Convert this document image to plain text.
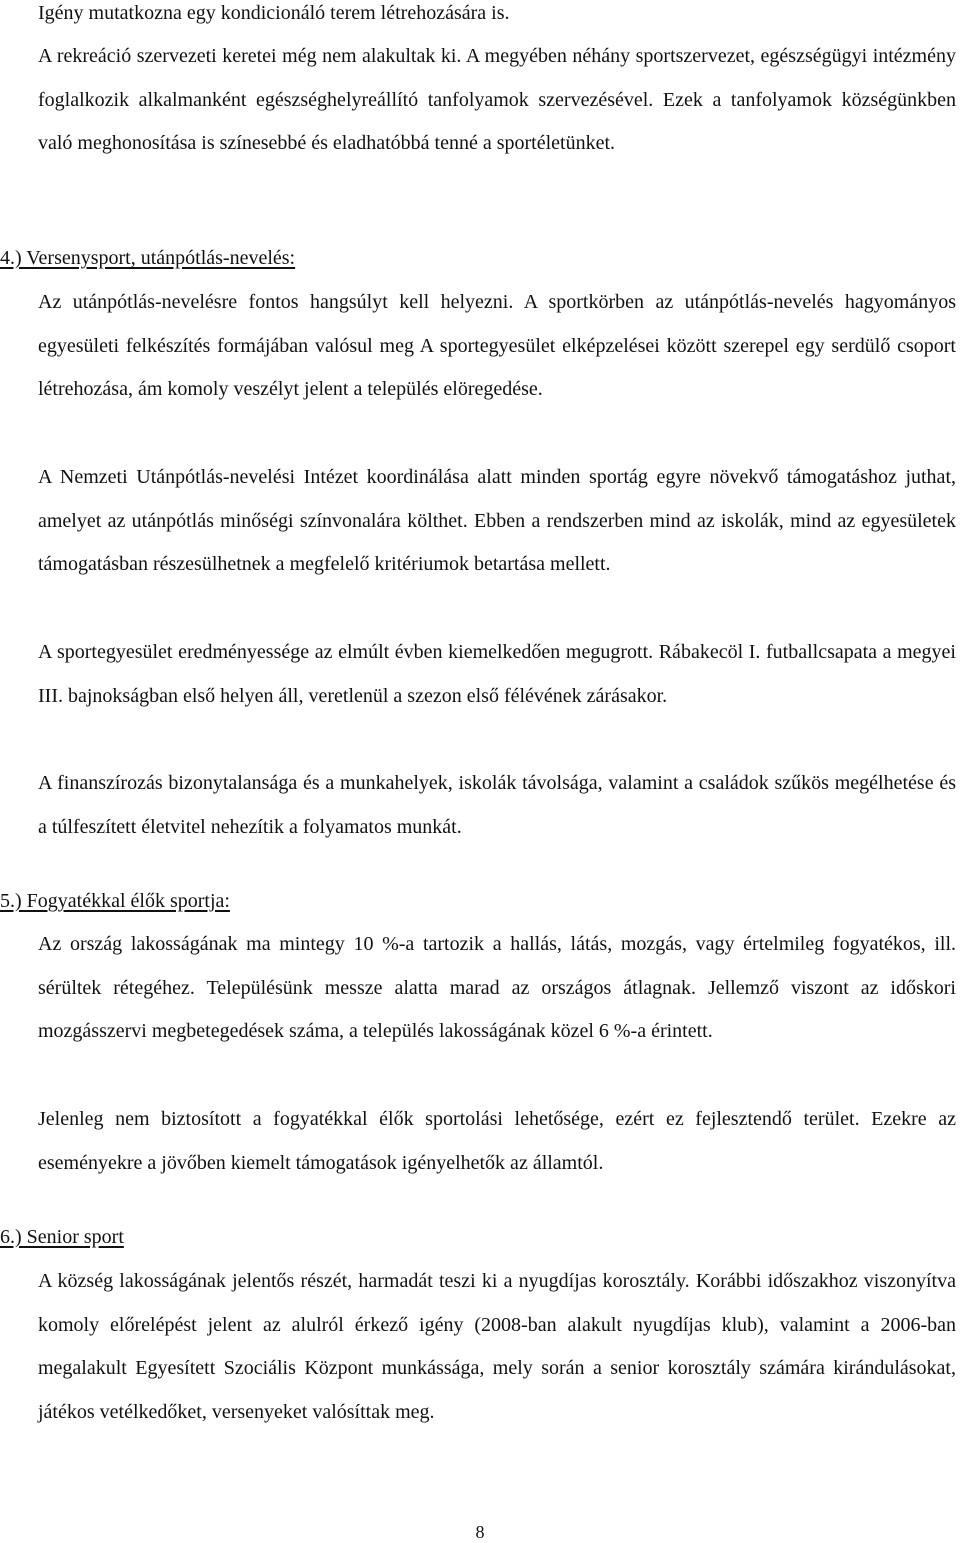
Igény mutatkozna egy kondicionáló terem létrehozására is.

A rekreáció szervezeti keretei még nem alakultak ki. A megyében néhány sportszervezet, egészségügyi intézmény foglalkozik alkalmanként egészséghelyreállító tanfolyamok szervezésével. Ezek a tanfolyamok községünkben való meghonosítása is színesebbé és eladhatóbbá tenné a sportéletünket.

4.) Versenysport, utánpótlás-nevelés:

Az utánpótlás-nevelésre fontos hangsúlyt kell helyezni. A sportkörben az utánpótlás-nevelés hagyományos egyesületi felkészítés formájában valósul meg A sportegyesület elképzelései között szerepel egy serdülő csoport létrehozása, ám komoly veszélyt jelent a település elöregedése.

A Nemzeti Utánpótlás-nevelési Intézet koordinálása alatt minden sportág egyre növekvő támogatáshoz juthat, amelyet az utánpótlás minőségi színvonalára költhet. Ebben a rendszerben mind az iskolák, mind az egyesületek támogatásban részesülhetnek a megfelelő kritériumok betartása mellett.

A sportegyesület eredményessége az elmúlt évben kiemelkedően megugrott. Rábakecöl I. futballcsapata a megyei III. bajnokságban első helyen áll, veretlenül a szezon első félévének zárásakor.

A finanszírozás bizonytalansága és a munkahelyek, iskolák távolsága, valamint a családok szűkös megélhetése és a túlfeszített életvitel nehezítik a folyamatos munkát.

5.) Fogyatékkal élők sportja:

Az ország lakosságának ma mintegy 10 %-a tartozik a hallás, látás, mozgás, vagy értelmileg fogyatékos, ill. sérültek rétegéhez. Településünk messze alatta marad az országos átlagnak. Jellemző viszont az időskori mozgásszervi megbetegedések száma, a település lakosságának közel 6 %-a érintett.

Jelenleg nem biztosított a fogyatékkal élők sportolási lehetősége, ezért ez fejlesztendő terület. Ezekre az eseményekre a jövőben kiemelt támogatások igényelhetők az államtól.

6.) Senior sport

A község lakosságának jelentős részét, harmadát teszi ki a nyugdíjas korosztály. Korábbi időszakhoz viszonyítva komoly előrelépést jelent az alulról érkező igény (2008-ban alakult nyugdíjas klub), valamint a 2006-ban megalakult Egyesített Szociális Központ munkássága, mely során a senior korosztály számára kirándulásokat, játékos vetélkedőket, versenyeket valósíttak meg.

8
